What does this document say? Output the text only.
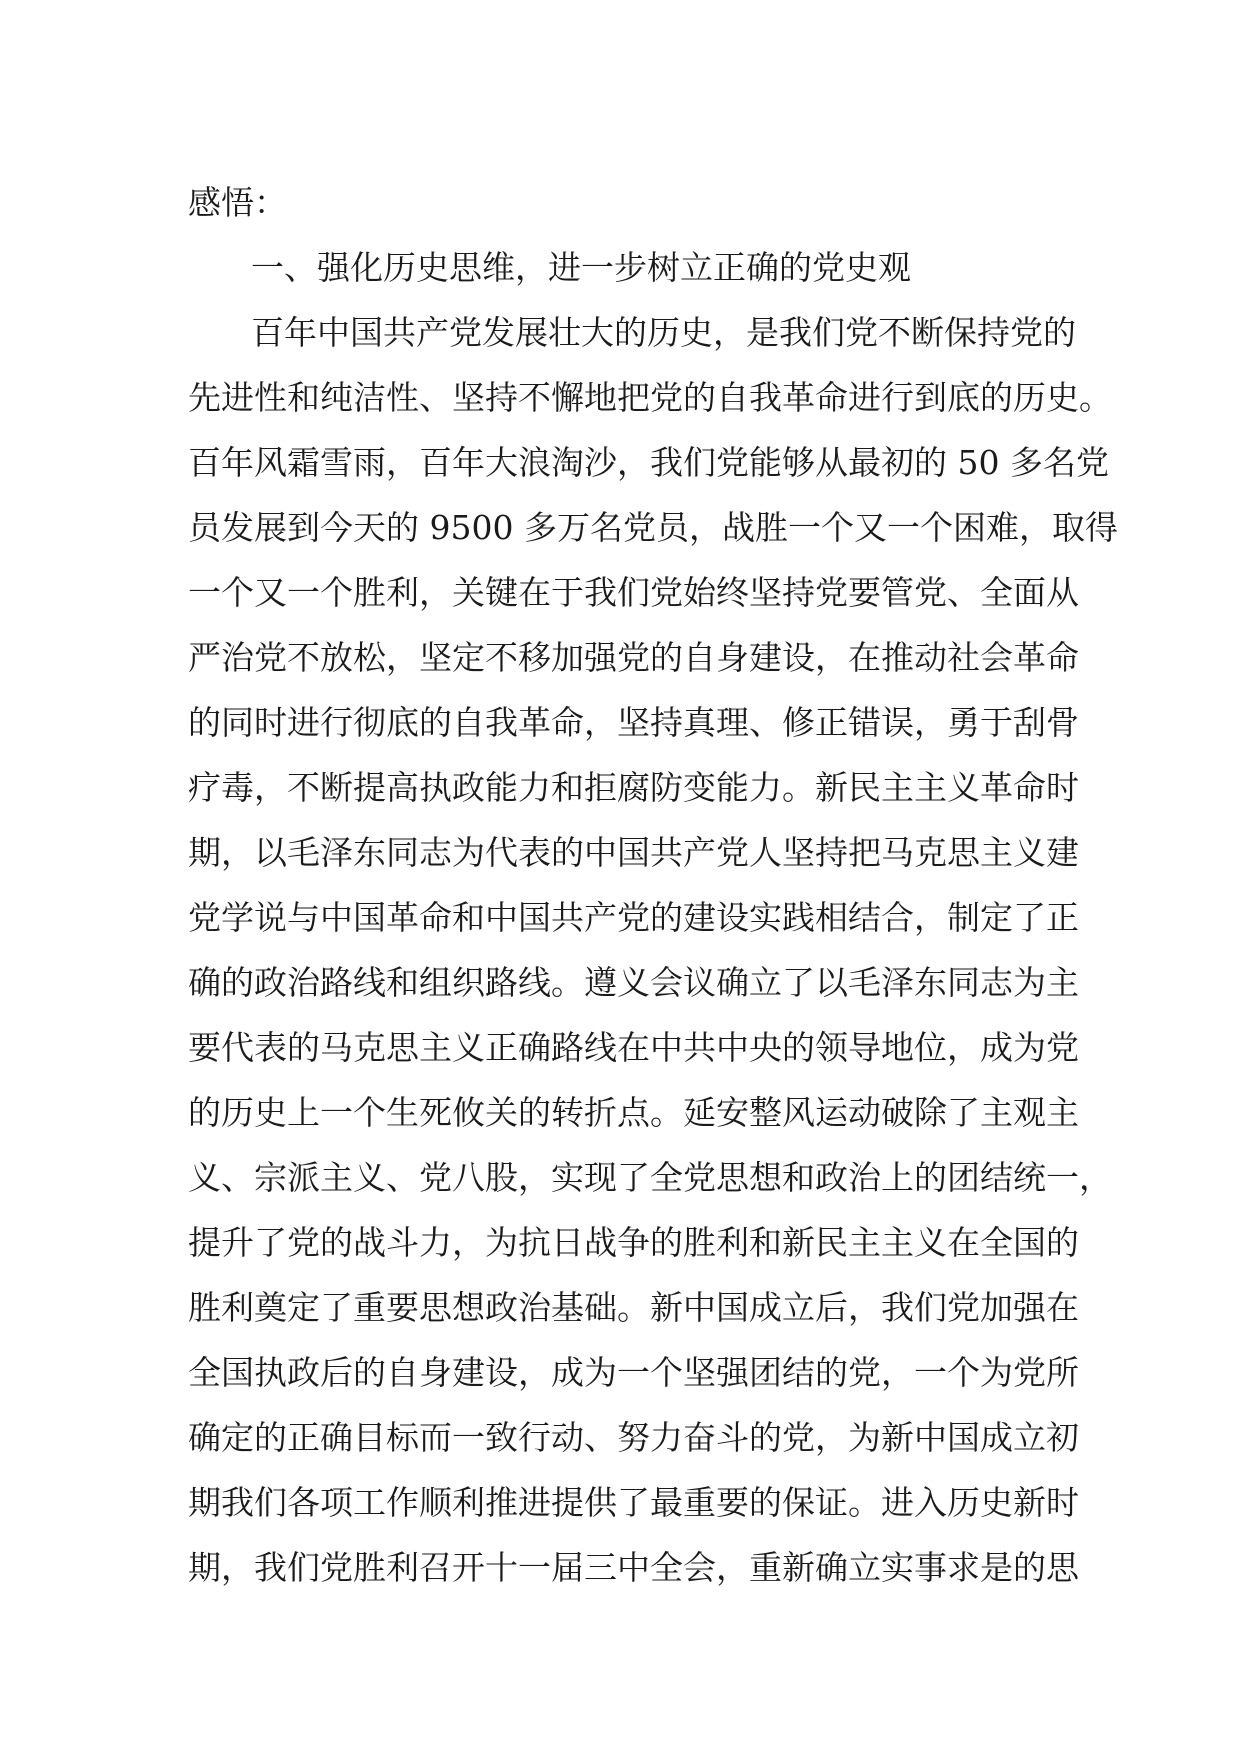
感悟：
一、强化历史思维，进一步树立正确的党史观
百年中国共产党发展壮大的历史，是我们党不断保持党的
先进性和纯洁性、坚持不懈地把党的自我革命进行到底的历史。
百年风霜雪雨，百年大浪淘沙，我们党能够从最初的 50 多名党
员发展到今天的 9500 多万名党员，战胜一个又一个困难，取得
一个又一个胜利，关键在于我们党始终坚持党要管党、全面从
严治党不放松，坚定不移加强党的自身建设，在推动社会革命
的同时进行彻底的自我革命，坚持真理、修正错误，勇于刮骨
疗毒，不断提高执政能力和拒腐防变能力。新民主主义革命时
期，以毛泽东同志为代表的中国共产党人坚持把马克思主义建
党学说与中国革命和中国共产党的建设实践相结合，制定了正
确的政治路线和组织路线。遵义会议确立了以毛泽东同志为主
要代表的马克思主义正确路线在中共中央的领导地位，成为党
的历史上一个生死攸关的转折点。延安整风运动破除了主观主
义、宗派主义、党八股，实现了全党思想和政治上的团结统一，
提升了党的战斗力，为抗日战争的胜利和新民主主义在全国的
胜利奠定了重要思想政治基础。新中国成立后，我们党加强在
全国执政后的自身建设，成为一个坚强团结的党，一个为党所
确定的正确目标而一致行动、努力奋斗的党，为新中国成立初
期我们各项工作顺利推进提供了最重要的保证。进入历史新时
期，我们党胜利召开十一届三中全会，重新确立实事求是的思
